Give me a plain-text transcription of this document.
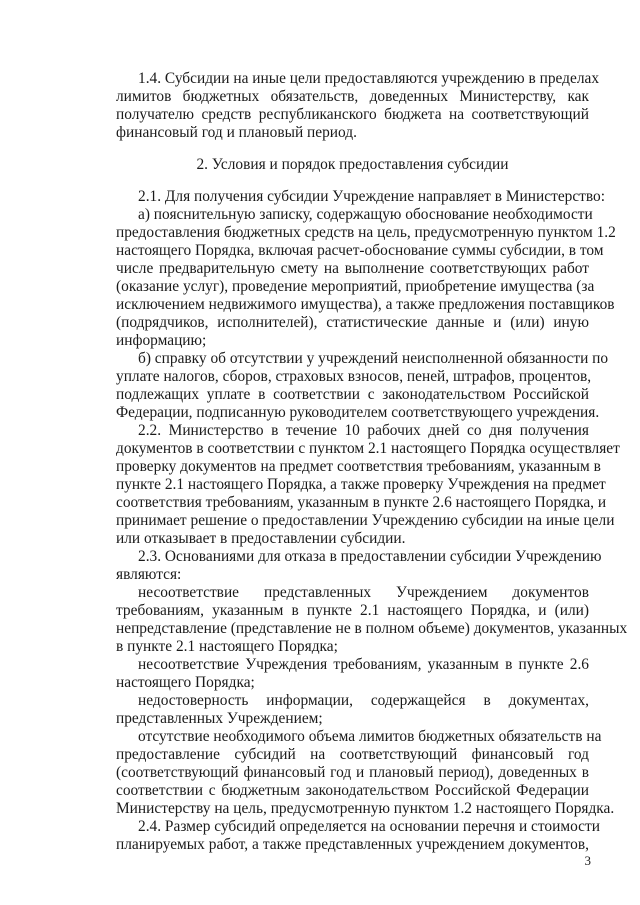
1.4. Субсидии на иные цели предоставляются учреждению в пределах
лимитов бюджетных обязательств, доведенных Министерству, как
получателю средств республиканского бюджета на соответствующий
финансовый год и плановый период.
2. Условия и порядок предоставления субсидии
2.1. Для получения субсидии Учреждение направляет в Министерство:
а) пояснительную записку, содержащую обоснование необходимости
предоставления бюджетных средств на цель, предусмотренную пунктом 1.2
настоящего Порядка, включая расчет-обоснование суммы субсидии, в том
числе предварительную смету на выполнение соответствующих работ
(оказание услуг), проведение мероприятий, приобретение имущества (за
исключением недвижимого имущества), а также предложения поставщиков
(подрядчиков, исполнителей), статистические данные и (или) иную
информацию;
б) справку об отсутствии у учреждений неисполненной обязанности по
уплате налогов, сборов, страховых взносов, пеней, штрафов, процентов,
подлежащих уплате в соответствии с законодательством Российской
Федерации, подписанную руководителем соответствующего учреждения.
2.2. Министерство в течение 10 рабочих дней со дня получения
документов в соответствии с пунктом 2.1 настоящего Порядка осуществляет
проверку документов на предмет соответствия требованиям, указанным в
пункте 2.1 настоящего Порядка, а также проверку Учреждения на предмет
соответствия требованиям, указанным в пункте 2.6 настоящего Порядка, и
принимает решение о предоставлении Учреждению субсидии на иные цели
или отказывает в предоставлении субсидии.
2.3. Основаниями для отказа в предоставлении субсидии Учреждению
являются:
несоответствие представленных Учреждением документов
требованиям, указанным в пункте 2.1 настоящего Порядка, и (или)
непредставление (представление не в полном объеме) документов, указанных
в пункте 2.1 настоящего Порядка;
несоответствие Учреждения требованиям, указанным в пункте 2.6
настоящего Порядка;
недостоверность информации, содержащейся в документах,
представленных Учреждением;
отсутствие необходимого объема лимитов бюджетных обязательств на
предоставление субсидий на соответствующий финансовый год
(соответствующий финансовый год и плановый период), доведенных в
соответствии с бюджетным законодательством Российской Федерации
Министерству на цель, предусмотренную пунктом 1.2 настоящего Порядка.
2.4. Размер субсидий определяется на основании перечня и стоимости
планируемых работ, а также представленных учреждением документов,
3
